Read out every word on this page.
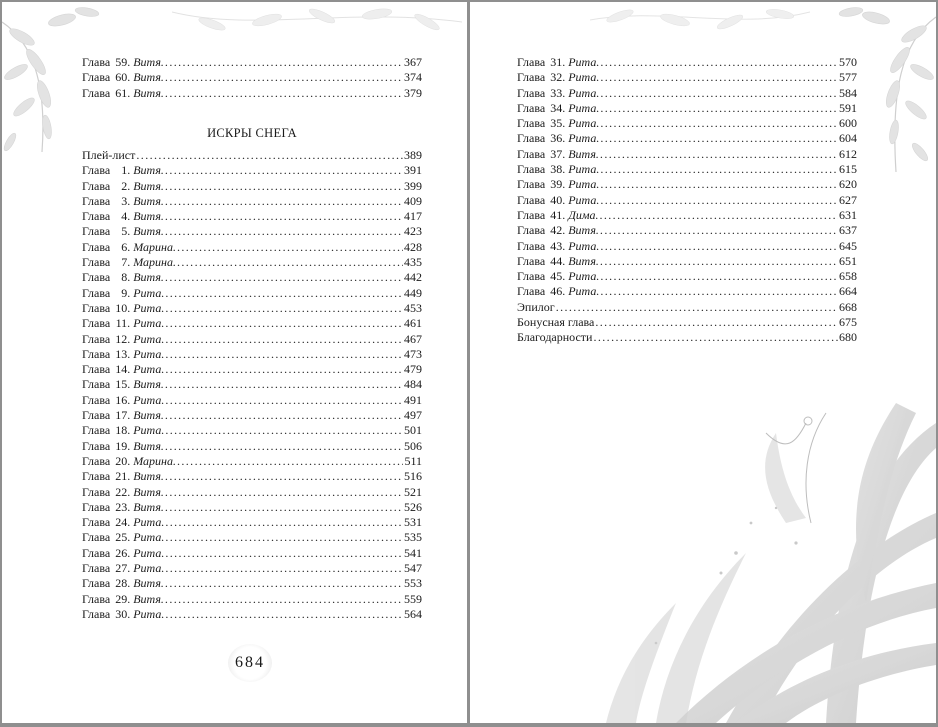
Глава 59. Витя. .....	367
Глава 60. Витя. .....	374
Глава 61. Витя. .....	379
ИСКРЫ СНЕГА
Плей-лист .....	389
Глава 1. Витя. .....	391
Глава 2. Витя. .....	399
Глава 3. Витя. .....	409
Глава 4. Витя. .....	417
Глава 5. Витя. .....	423
Глава 6. Марина. .....	428
Глава 7. Марина. .....	435
Глава 8. Витя. .....	442
Глава 9. Рита. .....	449
Глава 10. Рита. .....	453
Глава 11. Рита. .....	461
Глава 12. Рита. .....	467
Глава 13. Рита. .....	473
Глава 14. Рита. .....	479
Глава 15. Витя. .....	484
Глава 16. Рита. .....	491
Глава 17. Витя. .....	497
Глава 18. Рита. .....	501
Глава 19. Витя. .....	506
Глава 20. Марина. .....	511
Глава 21. Витя. .....	516
Глава 22. Витя. .....	521
Глава 23. Витя. .....	526
Глава 24. Рита. .....	531
Глава 25. Рита. .....	535
Глава 26. Рита. .....	541
Глава 27. Рита. .....	547
Глава 28. Витя. .....	553
Глава 29. Витя. .....	559
Глава 30. Рита. .....	564
684
Глава 31. Рита. .....	570
Глава 32. Рита. .....	577
Глава 33. Рита. .....	584
Глава 34. Рита. .....	591
Глава 35. Рита. .....	600
Глава 36. Рита. .....	604
Глава 37. Витя. .....	612
Глава 38. Рита. .....	615
Глава 39. Рита. .....	620
Глава 40. Рита. .....	627
Глава 41. Дима. .....	631
Глава 42. Витя. .....	637
Глава 43. Рита. .....	645
Глава 44. Витя. .....	651
Глава 45. Рита. .....	658
Глава 46. Рита. .....	664
Эпилог .....	668
Бонусная глава .....	675
Благодарности .....	680
